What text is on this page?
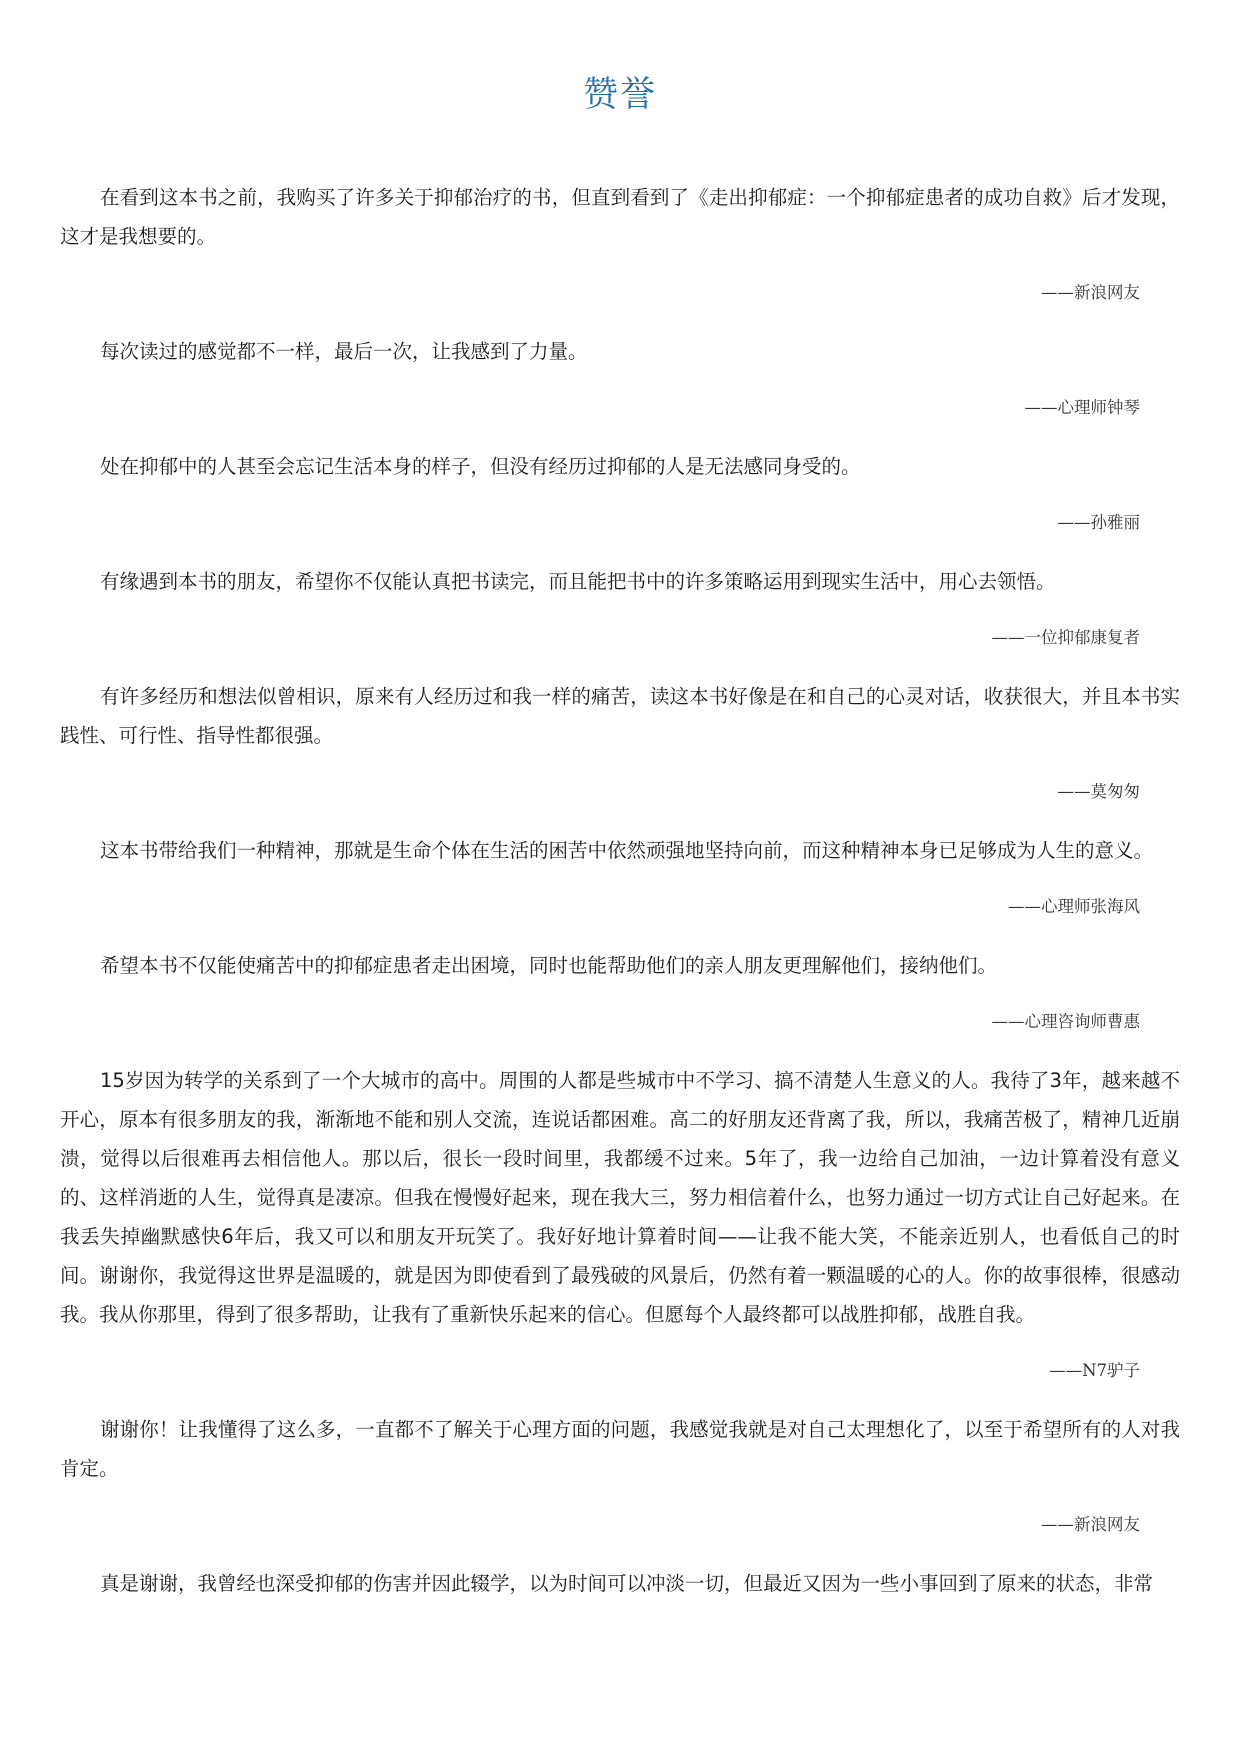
赞誉

在看到这本书之前，我购买了许多关于抑郁治疗的书，但直到看到了《走出抑郁症：一个抑郁症患者的成功自救》后才发现，这才是我想要的。

——新浪网友

每次读过的感觉都不一样，最后一次，让我感到了力量。

——心理师钟琴

处在抑郁中的人甚至会忘记生活本身的样子，但没有经历过抑郁的人是无法感同身受的。

——孙雅丽

有缘遇到本书的朋友，希望你不仅能认真把书读完，而且能把书中的许多策略运用到现实生活中，用心去领悟。

——一位抑郁康复者

有许多经历和想法似曾相识，原来有人经历过和我一样的痛苦，读这本书好像是在和自己的心灵对话，收获很大，并且本书实践性、可行性、指导性都很强。

——莫匆匆

这本书带给我们一种精神，那就是生命个体在生活的困苦中依然顽强地坚持向前，而这种精神本身已足够成为人生的意义。

——心理师张海风

希望本书不仅能使痛苦中的抑郁症患者走出困境，同时也能帮助他们的亲人朋友更理解他们，接纳他们。

——心理咨询师曹惠

15岁因为转学的关系到了一个大城市的高中。周围的人都是些城市中不学习、搞不清楚人生意义的人。我待了3年，越来越不开心，原本有很多朋友的我，渐渐地不能和别人交流，连说话都困难。高二的好朋友还背离了我，所以，我痛苦极了，精神几近崩溃，觉得以后很难再去相信他人。那以后，很长一段时间里，我都缓不过来。5年了，我一边给自己加油，一边计算着没有意义的、这样消逝的人生，觉得真是凄凉。但我在慢慢好起来，现在我大三，努力相信着什么，也努力通过一切方式让自己好起来。在我丢失掉幽默感快6年后，我又可以和朋友开玩笑了。我好好地计算着时间——让我不能大笑，不能亲近别人，也看低自己的时间。谢谢你，我觉得这世界是温暖的，就是因为即使看到了最残破的风景后，仍然有着一颗温暖的心的人。你的故事很棒，很感动我。我从你那里，得到了很多帮助，让我有了重新快乐起来的信心。但愿每个人最终都可以战胜抑郁，战胜自我。

——N7驴子

谢谢你！让我懂得了这么多，一直都不了解关于心理方面的问题，我感觉我就是对自己太理想化了，以至于希望所有的人对我肯定。

——新浪网友

真是谢谢，我曾经也深受抑郁的伤害并因此辍学，以为时间可以冲淡一切，但最近又因为一些小事回到了原来的状态，非常
